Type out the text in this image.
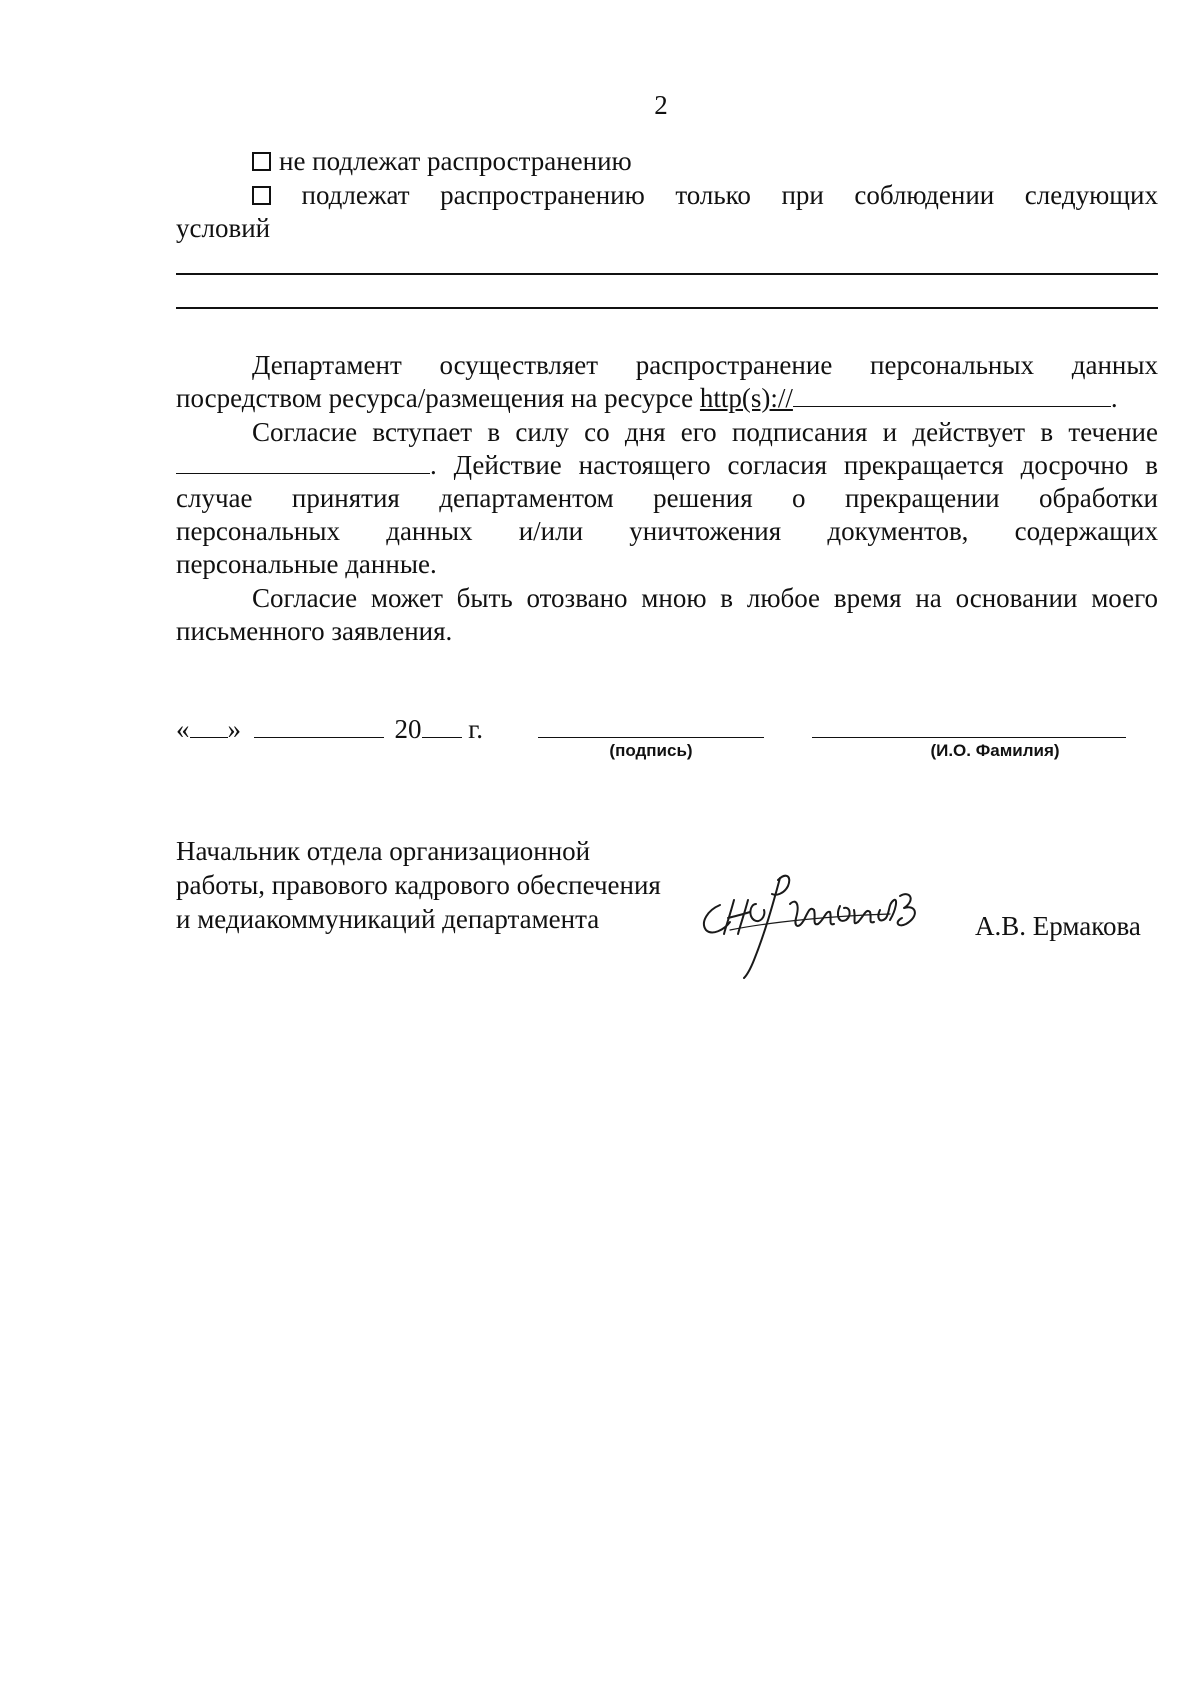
2
не подлежат распространению
подлежат распространению только при соблюдении следующих
условий
Департамент осуществляет распространение персональных данных
посредством ресурса/размещения на ресурсе http(s)://	.
Согласие вступает в силу со дня его подписания и действует в течение
. Действие настоящего согласия прекращается досрочно в
случае принятия департаментом решения о прекращении обработки
персональных данных и/или уничтожения документов, содержащих
персональные данные.
Согласие может быть отозвано мною в любое время на основании моего
письменного заявления.
« »	20 г.
(подпись)	(И.О. Фамилия)
Начальник отдела организационной
работы, правового кадрового обеспечения
и медиакоммуникаций департамента	А.В. Ермакова
